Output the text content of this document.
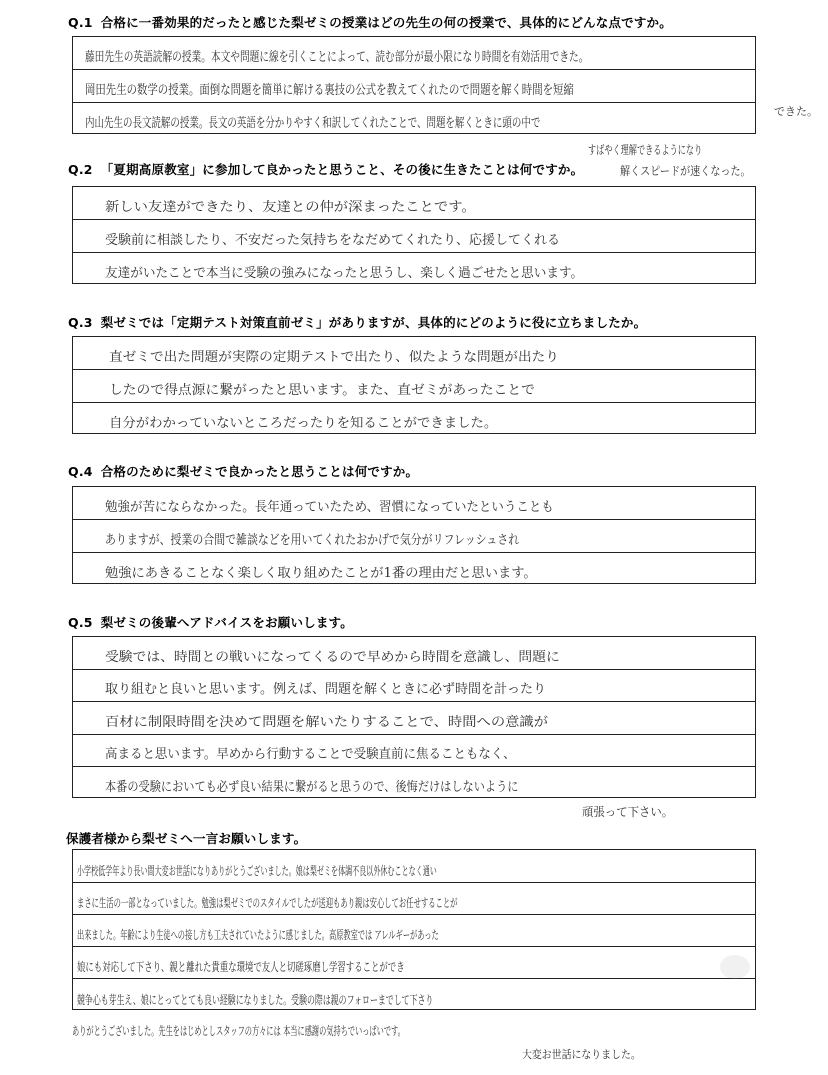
Q.1 合格に一番効果的だったと感じた梨ゼミの授業はどの先生の何の授業で、具体的にどんな点ですか。
藤田先生の英語読解の授業。本文や問題に線を引くことによって、読む部分が最小限になり時間を有効活用できた。
岡田先生の数学の授業。面倒な問題を簡単に解ける裏技の公式を教えてくれたので問題を解く時間を短縮
内山先生の長文読解の授業。長文の英語を分かりやすく和訳してくれたことで、問題を解くときに頭の中で
できた。
すばやく理解できるようになり
解くスピードが速くなった。
Q.2 「夏期高原教室」に参加して良かったと思うこと、その後に生きたことは何ですか。
新しい友達ができたり、友達との仲が深まったことです。
受験前に相談したり、不安だった気持ちをなだめてくれたり、応援してくれる
友達がいたことで本当に受験の強みになったと思うし、楽しく過ごせたと思います。
Q.3 梨ゼミでは「定期テスト対策直前ゼミ」がありますが、具体的にどのように役に立ちましたか。
直ゼミで出た問題が実際の定期テストで出たり、似たような問題が出たり
したので得点源に繋がったと思います。また、直ゼミがあったことで
自分がわかっていないところだったりを知ることができました。
Q.4 合格のために梨ゼミで良かったと思うことは何ですか。
勉強が苦にならなかった。長年通っていたため、習慣になっていたということも
ありますが、授業の合間で雑談などを用いてくれたおかげで気分がリフレッシュされ
勉強にあきることなく楽しく取り組めたことが1番の理由だと思います。
Q.5 梨ゼミの後輩へアドバイスをお願いします。
受験では、時間との戦いになってくるので早めから時間を意識し、問題に
取り組むと良いと思います。例えば、問題を解くときに必ず時間を計ったり
百材に制限時間を決めて問題を解いたりすることで、時間への意識が
高まると思います。早めから行動することで受験直前に焦ることもなく、
本番の受験においても必ず良い結果に繋がると思うので、後悔だけはしないように
頑張って下さい。
保護者様から梨ゼミへ一言お願いします。
小学校低学年より長い間大変お世話になりありがとうございました。娘は梨ゼミを体調不良以外休むことなく通い
まさに生活の一部となっていました。勉強は梨ゼミでのスタイルでしたが送迎もあり親は安心してお任せすることが
出来ました。年齢により生徒への接し方も工夫されていたように感じました。高原教室では アレルギーがあった
娘にも対応して下さり、親と離れた貴重な環境で友人と切磋琢磨し学習することができ
競争心も芽生え、娘にとってとても良い経験になりました。受験の際は親のフォローまでして下さり
ありがとうございました。先生をはじめとしスタッフの方々には 本当に感謝の気持ちでいっぱいです。
大変お世話になりました。
